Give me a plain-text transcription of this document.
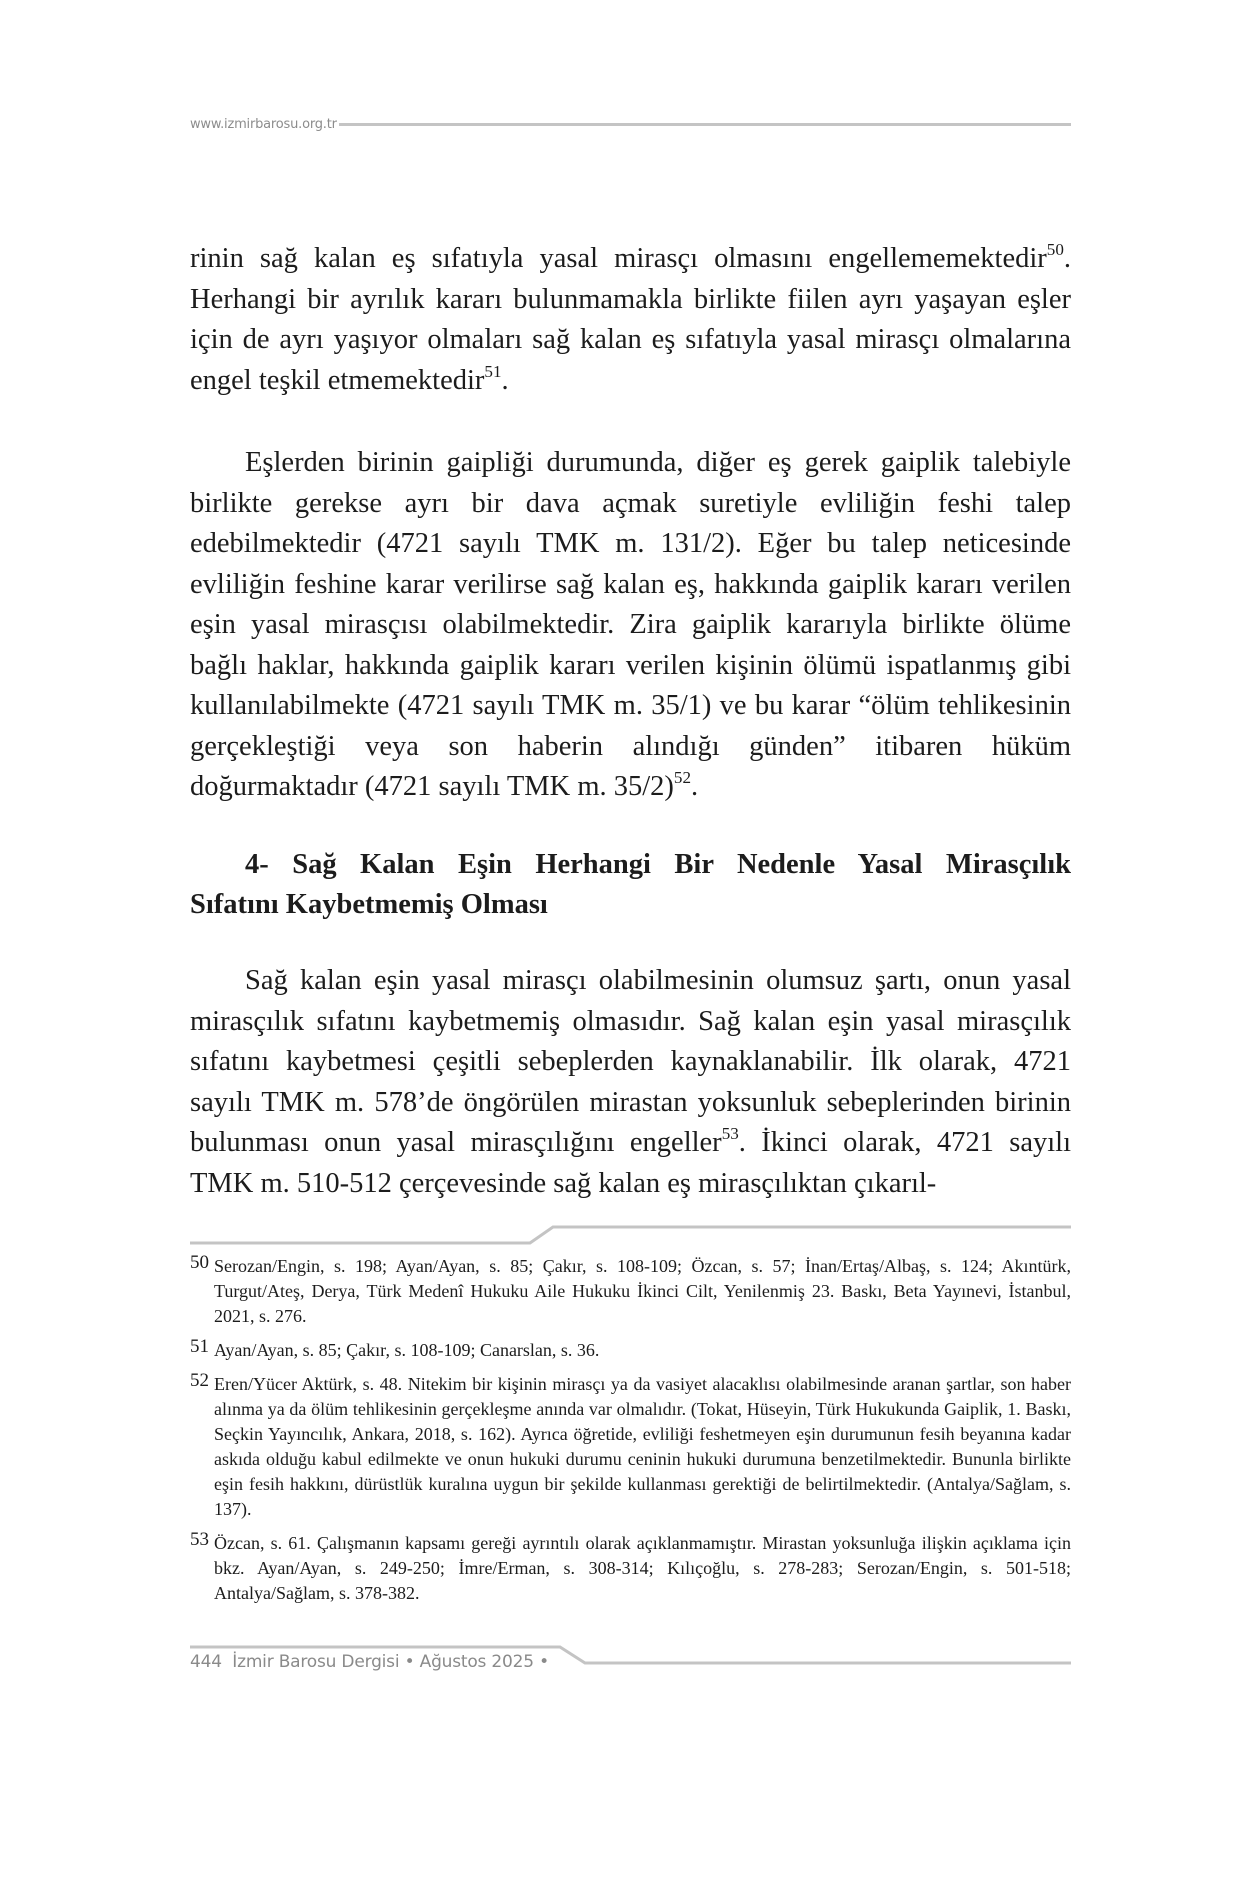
www.izmirbarosu.org.tr

rinin sağ kalan eş sıfatıyla yasal mirasçı olmasını engellememektedir$^{50}$. Herhangi bir ayrılık kararı bulunmamakla birlikte fiilen ayrı yaşayan eşler için de ayrı yaşıyor olmaları sağ kalan eş sıfatıyla yasal mirasçı olmalarına engel teşkil etmemektedir$^{51}$.

Eşlerden birinin gaipliği durumunda, diğer eş gerek gaiplik talebiyle birlikte gerekse ayrı bir dava açmak suretiyle evliliğin feshi talep edebilmektedir (4721 sayılı TMK m. 131/2). Eğer bu talep neticesinde evliliğin feshine karar verilirse sağ kalan eş, hakkında gaiplik kararı verilen eşin yasal mirasçısı olabilmektedir. Zira gaiplik kararıyla birlikte ölüme bağlı haklar, hakkında gaiplik kararı verilen kişinin ölümü ispatlanmış gibi kullanılabilmekte (4721 sayılı TMK m. 35/1) ve bu karar “ölüm tehlikesinin gerçekleştiği veya son haberin alındığı günden” itibaren hüküm doğurmaktadır (4721 sayılı TMK m. 35/2)$^{52}$.

4- Sağ Kalan Eşin Herhangi Bir Nedenle Yasal Mirasçılık
Sıfatını Kaybetmemiş Olması

Sağ kalan eşin yasal mirasçı olabilmesinin olumsuz şartı, onun yasal mirasçılık sıfatını kaybetmemiş olmasıdır. Sağ kalan eşin yasal mirasçılık sıfatını kaybetmesi çeşitli sebeplerden kaynaklanabilir. İlk olarak, 4721 sayılı TMK m. 578’de öngörülen mirastan yoksunluk sebeplerinden birinin bulunması onun yasal mirasçılığını engeller$^{53}$. İkinci olarak, 4721 sayılı TMK m. 510-512 çerçevesinde sağ kalan eş mirasçılıktan çıkarıl-

50 Serozan/Engin, s. 198; Ayan/Ayan, s. 85; Çakır, s. 108-109; Özcan, s. 57; İnan/Ertaş/Albaş, s. 124; Akıntürk, Turgut/Ateş, Derya, Türk Medenî Hukuku Aile Hukuku İkinci Cilt, Yenilenmiş 23. Baskı, Beta Yayınevi, İstanbul, 2021, s. 276.
51 Ayan/Ayan, s. 85; Çakır, s. 108-109; Canarslan, s. 36.
52 Eren/Yücer Aktürk, s. 48. Nitekim bir kişinin mirasçı ya da vasiyet alacaklısı olabilmesinde aranan şartlar, son haber alınma ya da ölüm tehlikesinin gerçekleşme anında var olmalıdır. (Tokat, Hüseyin, Türk Hukukunda Gaiplik, 1. Baskı, Seçkin Yayıncılık, Ankara, 2018, s. 162). Ayrıca öğretide, evliliği feshetmeyen eşin durumunun fesih beyanına kadar askıda olduğu kabul edilmekte ve onun hukuki durumu ceninin hukuki durumuna benzetilmektedir. Bununla birlikte eşin fesih hakkını, dürüstlük kuralına uygun bir şekilde kullanması gerektiği de belirtilmektedir. (Antalya/Sağlam, s. 137).
53 Özcan, s. 61. Çalışmanın kapsamı gereği ayrıntılı olarak açıklanmamıştır. Mirastan yoksunluğa ilişkin açıklama için bkz. Ayan/Ayan, s. 249-250; İmre/Erman, s. 308-314; Kılıçoğlu, s. 278-283; Serozan/Engin, s. 501-518; Antalya/Sağlam, s. 378-382.
444 İzmir Barosu Dergisi • Ağustos 2025 •
